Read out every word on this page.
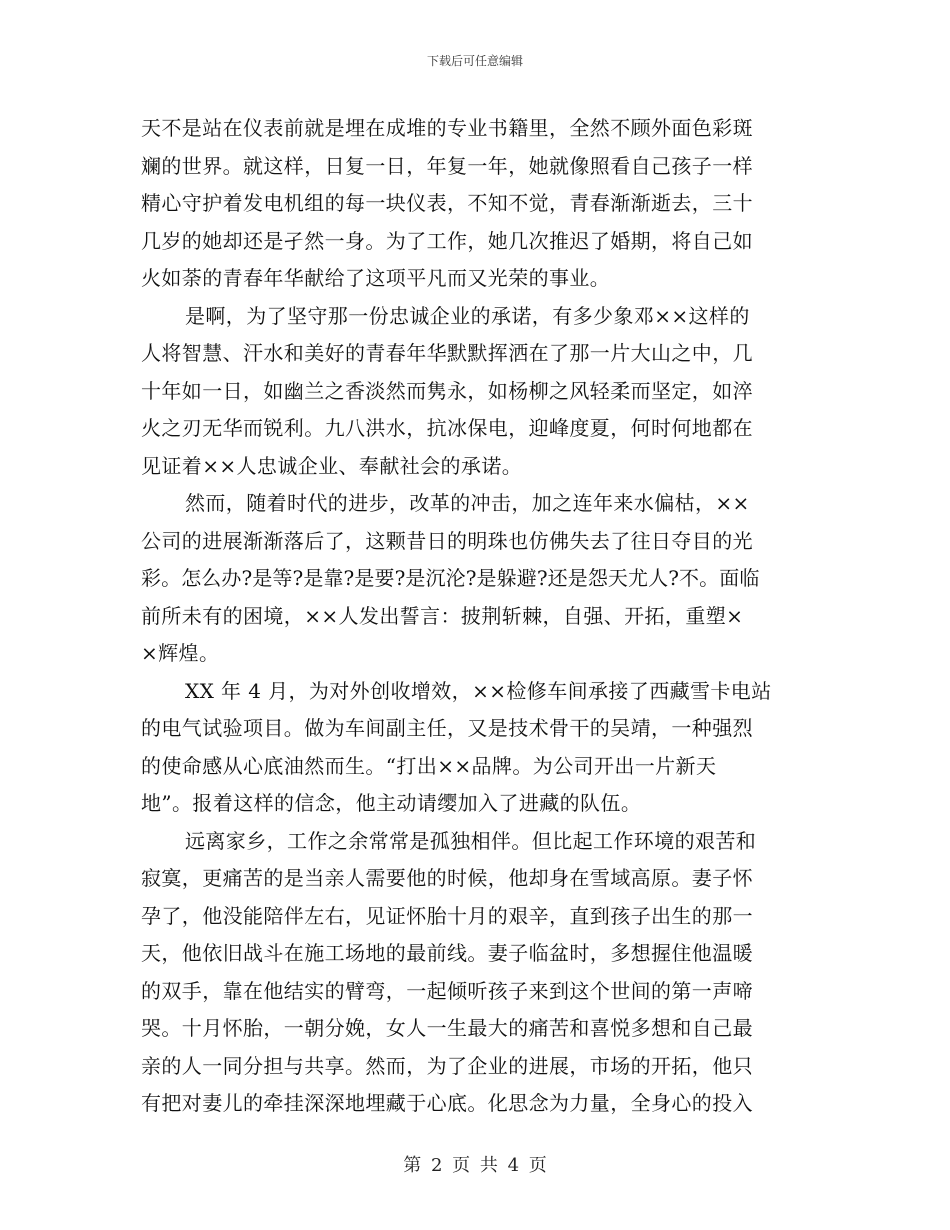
下载后可任意编辑

天不是站在仪表前就是埋在成堆的专业书籍里，全然不顾外面色彩斑
斓的世界。就这样，日复一日，年复一年，她就像照看自己孩子一样
精心守护着发电机组的每一块仪表，不知不觉，青春渐渐逝去，三十
几岁的她却还是孑然一身。为了工作，她几次推迟了婚期，将自己如
火如荼的青春年华献给了这项平凡而又光荣的事业。

是啊，为了坚守那一份忠诚企业的承诺，有多少象邓××这样的
人将智慧、汗水和美好的青春年华默默挥洒在了那一片大山之中，几
十年如一日，如幽兰之香淡然而隽永，如杨柳之风轻柔而坚定，如淬
火之刃无华而锐利。九八洪水，抗冰保电，迎峰度夏，何时何地都在
见证着××人忠诚企业、奉献社会的承诺。

然而，随着时代的进步，改革的冲击，加之连年来水偏枯，××
公司的进展渐渐落后了，这颗昔日的明珠也仿佛失去了往日夺目的光
彩。怎么办?是等?是靠?是要?是沉沦?是躲避?还是怨天尤人?不。面临
前所未有的困境，××人发出誓言：披荆斩棘，自强、开拓，重塑×
×辉煌。

XX 年 4 月，为对外创收增效，××检修车间承接了西藏雪卡电站
的电气试验项目。做为车间副主任，又是技术骨干的吴靖，一种强烈
的使命感从心底油然而生。“打出××品牌。为公司开出一片新天
地”。报着这样的信念，他主动请缨加入了进藏的队伍。

远离家乡，工作之余常常是孤独相伴。但比起工作环境的艰苦和
寂寞，更痛苦的是当亲人需要他的时候，他却身在雪域高原。妻子怀
孕了，他没能陪伴左右，见证怀胎十月的艰辛，直到孩子出生的那一
天，他依旧战斗在施工场地的最前线。妻子临盆时，多想握住他温暖
的双手，靠在他结实的臂弯，一起倾听孩子来到这个世间的第一声啼
哭。十月怀胎，一朝分娩，女人一生最大的痛苦和喜悦多想和自己最
亲的人一同分担与共享。然而，为了企业的进展，市场的开拓，他只
有把对妻儿的牵挂深深地埋藏于心底。化思念为力量，全身心的投入

第 2 页 共 4 页
